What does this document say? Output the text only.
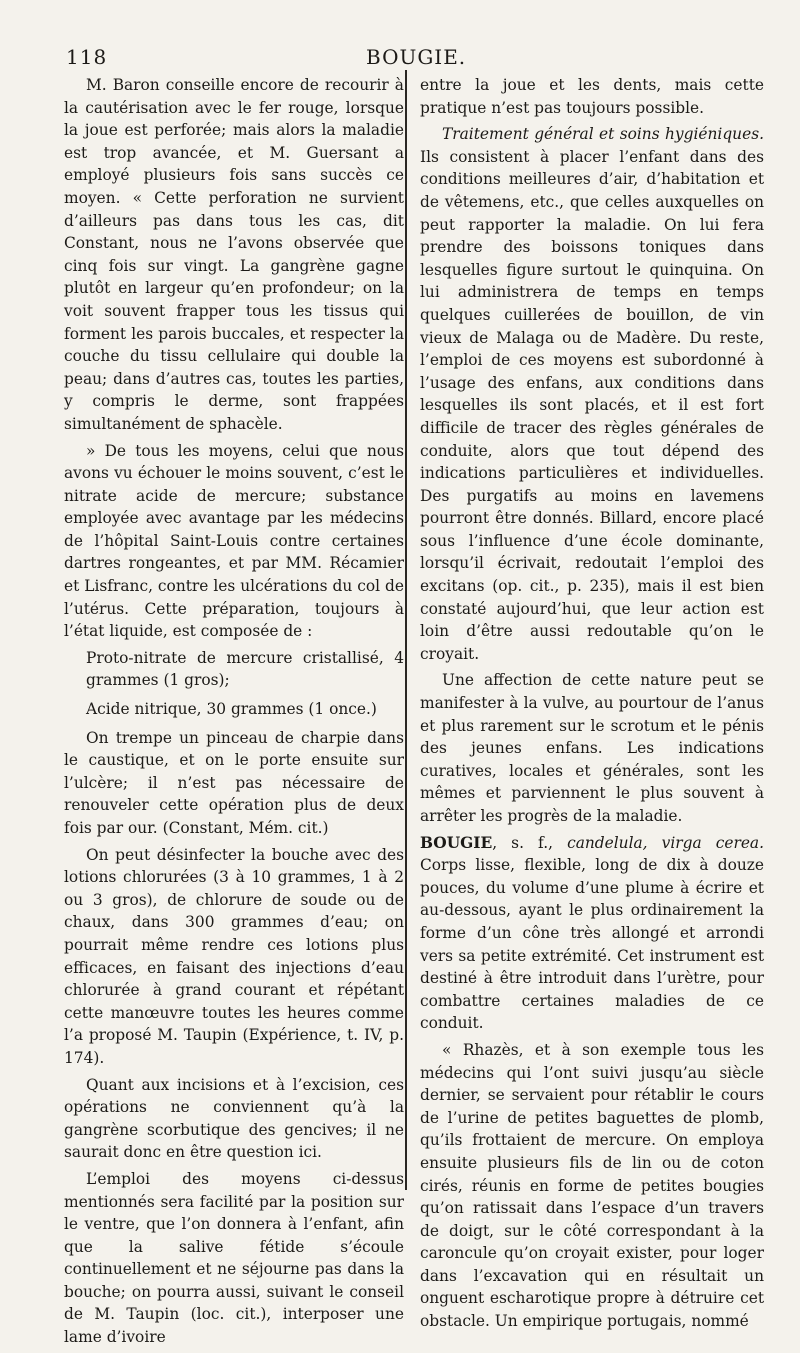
118	BOUGIE.

M. Baron conseille encore de recourir à la cautérisation avec le fer rouge, lorsque la joue est perforée; mais alors la maladie est trop avancée, et M. Guersant a employé plusieurs fois sans succès ce moyen. « Cette perforation ne survient d’ailleurs pas dans tous les cas, dit Constant, nous ne l’avons observée que cinq fois sur vingt. La gangrène gagne plutôt en largeur qu’en profondeur; on la voit souvent frapper tous les tissus qui forment les parois buccales, et respecter la couche du tissu cellulaire qui double la peau; dans d’autres cas, toutes les parties, y compris le derme, sont frappées simultanément de sphacèle.

» De tous les moyens, celui que nous avons vu échouer le moins souvent, c’est le nitrate acide de mercure; substance employée avec avantage par les médecins de l’hôpital Saint-Louis contre certaines dartres rongeantes, et par MM. Récamier et Lisfranc, contre les ulcérations du col de l’utérus. Cette préparation, toujours à l’état liquide, est composée de :

Proto-nitrate de mercure cristallisé, 4 grammes (1 gros);

Acide nitrique, 30 grammes (1 once.)

On trempe un pinceau de charpie dans le caustique, et on le porte ensuite sur l’ulcère; il n’est pas nécessaire de renouveler cette opération plus de deux fois par our. (Constant, Mém. cit.)

On peut désinfecter la bouche avec des lotions chlorurées (3 à 10 grammes, 1 à 2 ou 3 gros), de chlorure de soude ou de chaux, dans 300 grammes d’eau; on pourrait même rendre ces lotions plus efficaces, en faisant des injections d’eau chlorurée à grand courant et répétant cette manœuvre toutes les heures comme l’a proposé M. Taupin (Expérience, t. IV, p. 174).

Quant aux incisions et à l’excision, ces opérations ne conviennent qu’à la gangrène scorbutique des gencives; il ne saurait donc en être question ici.

L’emploi des moyens ci-dessus mentionnés sera facilité par la position sur le ventre, que l’on donnera à l’enfant, afin que la salive fétide s’écoule continuellement et ne séjourne pas dans la bouche; on pourra aussi, suivant le conseil de M. Taupin (loc. cit.), interposer une lame d’ivoire

entre la joue et les dents, mais cette pratique n’est pas toujours possible.

Traitement général et soins hygiéniques. Ils consistent à placer l’enfant dans des conditions meilleures d’air, d’habitation et de vêtemens, etc., que celles auxquelles on peut rapporter la maladie. On lui fera prendre des boissons toniques dans lesquelles figure surtout le quinquina. On lui administrera de temps en temps quelques cuillerées de bouillon, de vin vieux de Malaga ou de Madère. Du reste, l’emploi de ces moyens est subordonné à l’usage des enfans, aux conditions dans lesquelles ils sont placés, et il est fort difficile de tracer des règles générales de conduite, alors que tout dépend des indications particulières et individuelles. Des purgatifs au moins en lavemens pourront être donnés. Billard, encore placé sous l’influence d’une école dominante, lorsqu’il écrivait, redoutait l’emploi des excitans (op. cit., p. 235), mais il est bien constaté aujourd’hui, que leur action est loin d’être aussi redoutable qu’on le croyait.

Une affection de cette nature peut se manifester à la vulve, au pourtour de l’anus et plus rarement sur le scrotum et le pénis des jeunes enfans. Les indications curatives, locales et générales, sont les mêmes et parviennent le plus souvent à arrêter les progrès de la maladie.

BOUGIE, s. f., candelula, virga cerea. Corps lisse, flexible, long de dix à douze pouces, du volume d’une plume à écrire et au-dessous, ayant le plus ordinairement la forme d’un cône très allongé et arrondi vers sa petite extrémité. Cet instrument est destiné à être introduit dans l’urètre, pour combattre certaines maladies de ce conduit.

« Rhazès, et à son exemple tous les médecins qui l’ont suivi jusqu’au siècle dernier, se servaient pour rétablir le cours de l’urine de petites baguettes de plomb, qu’ils frottaient de mercure. On employa ensuite plusieurs fils de lin ou de coton cirés, réunis en forme de petites bougies qu’on ratissait dans l’espace d’un travers de doigt, sur le côté correspondant à la caroncule qu’on croyait exister, pour loger dans l’excavation qui en résultait un onguent escharotique propre à détruire cet obstacle. Un empirique portugais, nommé
